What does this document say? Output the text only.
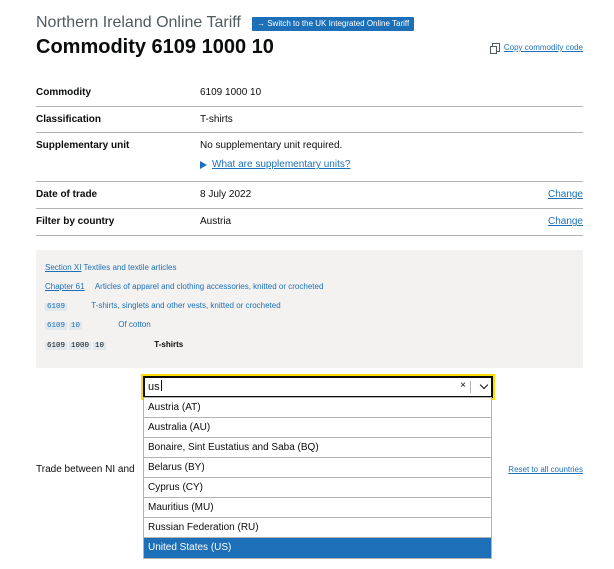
Northern Ireland Online Tariff	→ Switch to the UK Integrated Online Tariff
Commodity 6109 1000 10	Copy commodity code
Commodity	6109 1000 10
Classification	T-shirts
Supplementary unit	No supplementary unit required.
What are supplementary units?
Date of trade	8 July 2022	Change
Filter by country	Austria	Change
Section XI Textiles and textile articles
Chapter 61 Articles of apparel and clothing accessories, knitted or crocheted
6109	T-shirts, singlets and other vests, knitted or crocheted
6109 10	Of cotton
6109 1000 10	T-shirts
Trade between NI and	Reset to all countries
us	×
Austria (AT)
Australia (AU)
Bonaire, Sint Eustatius and Saba (BQ)
Belarus (BY)
Cyprus (CY)
Mauritius (MU)
Russian Federation (RU)
United States (US)
